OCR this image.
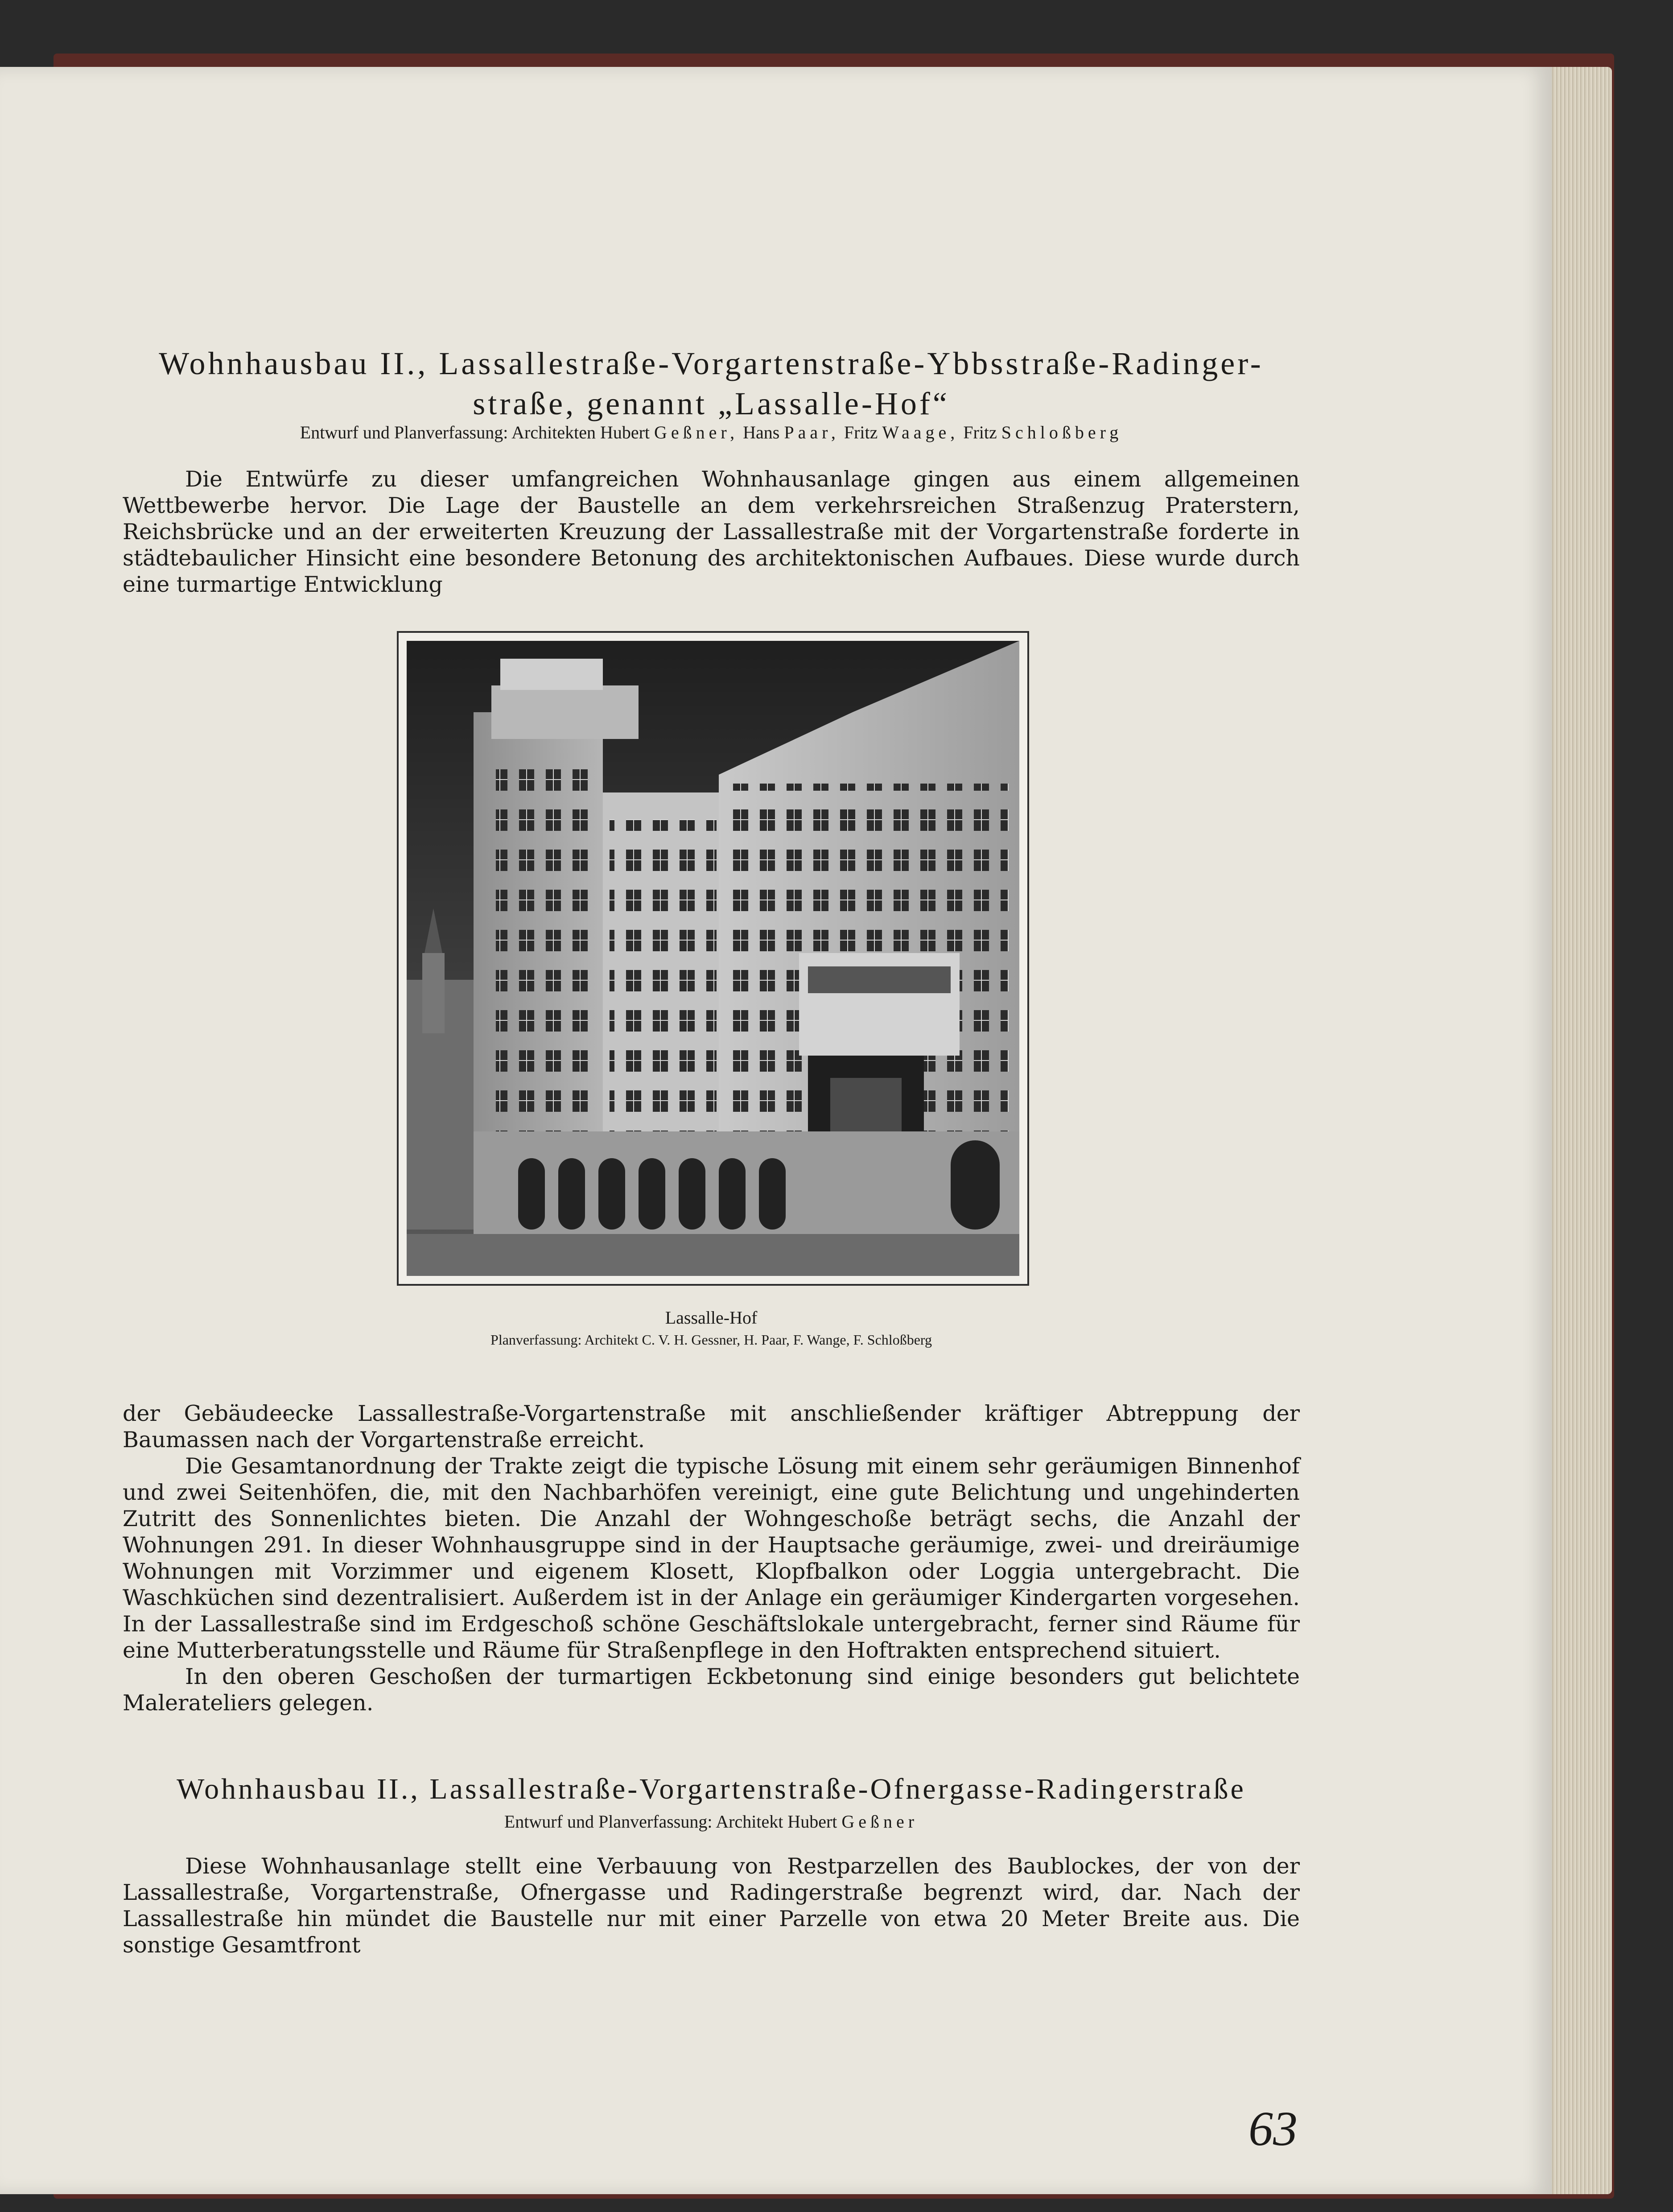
Wohnhausbau II., Lassallestraße-Vorgartenstraße-Ybbsstraße-Radinger-
straße, genannt „Lassalle-Hof“
Entwurf und Planverfassung: Architekten Hubert Geßner, Hans Paar, Fritz Waage, Fritz Schloßberg

Die Entwürfe zu dieser umfangreichen Wohnhausanlage gingen aus einem allgemeinen Wettbewerbe hervor. Die Lage der Baustelle an dem verkehrsreichen Straßenzug Praterstern, Reichsbrücke und an der erweiterten Kreuzung der Lassallestraße mit der Vorgartenstraße forderte in städtebaulicher Hinsicht eine besondere Betonung des architektonischen Aufbaues. Diese wurde durch eine turmartige Entwicklung

Lassalle-Hof
Planverfassung: Architekt C. V. H. Gessner, H. Paar, F. Wange, F. Schloßberg

der Gebäudeecke Lassallestraße-Vorgartenstraße mit anschließender kräftiger Abtreppung der Baumassen nach der Vorgartenstraße erreicht.

Die Gesamtanordnung der Trakte zeigt die typische Lösung mit einem sehr geräumigen Binnenhof und zwei Seitenhöfen, die, mit den Nachbarhöfen vereinigt, eine gute Belichtung und ungehinderten Zutritt des Sonnenlichtes bieten. Die Anzahl der Wohngeschoße beträgt sechs, die Anzahl der Wohnungen 291. In dieser Wohnhausgruppe sind in der Hauptsache geräumige, zwei- und dreiräumige Wohnungen mit Vorzimmer und eigenem Klosett, Klopfbalkon oder Loggia untergebracht. Die Waschküchen sind dezentralisiert. Außerdem ist in der Anlage ein geräumiger Kindergarten vorgesehen. In der Lassallestraße sind im Erdgeschoß schöne Geschäftslokale untergebracht, ferner sind Räume für eine Mutterberatungsstelle und Räume für Straßenpflege in den Hoftrakten entsprechend situiert.

In den oberen Geschoßen der turmartigen Eckbetonung sind einige besonders gut belichtete Malerateliers gelegen.

Wohnhausbau II., Lassallestraße-Vorgartenstraße-Ofnergasse-Radingerstraße
Entwurf und Planverfassung: Architekt Hubert Geßner

Diese Wohnhausanlage stellt eine Verbauung von Restparzellen des Baublockes, der von der Lassallestraße, Vorgartenstraße, Ofnergasse und Radingerstraße begrenzt wird, dar. Nach der Lassallestraße hin mündet die Baustelle nur mit einer Parzelle von etwa 20 Meter Breite aus. Die sonstige Gesamtfront

63
